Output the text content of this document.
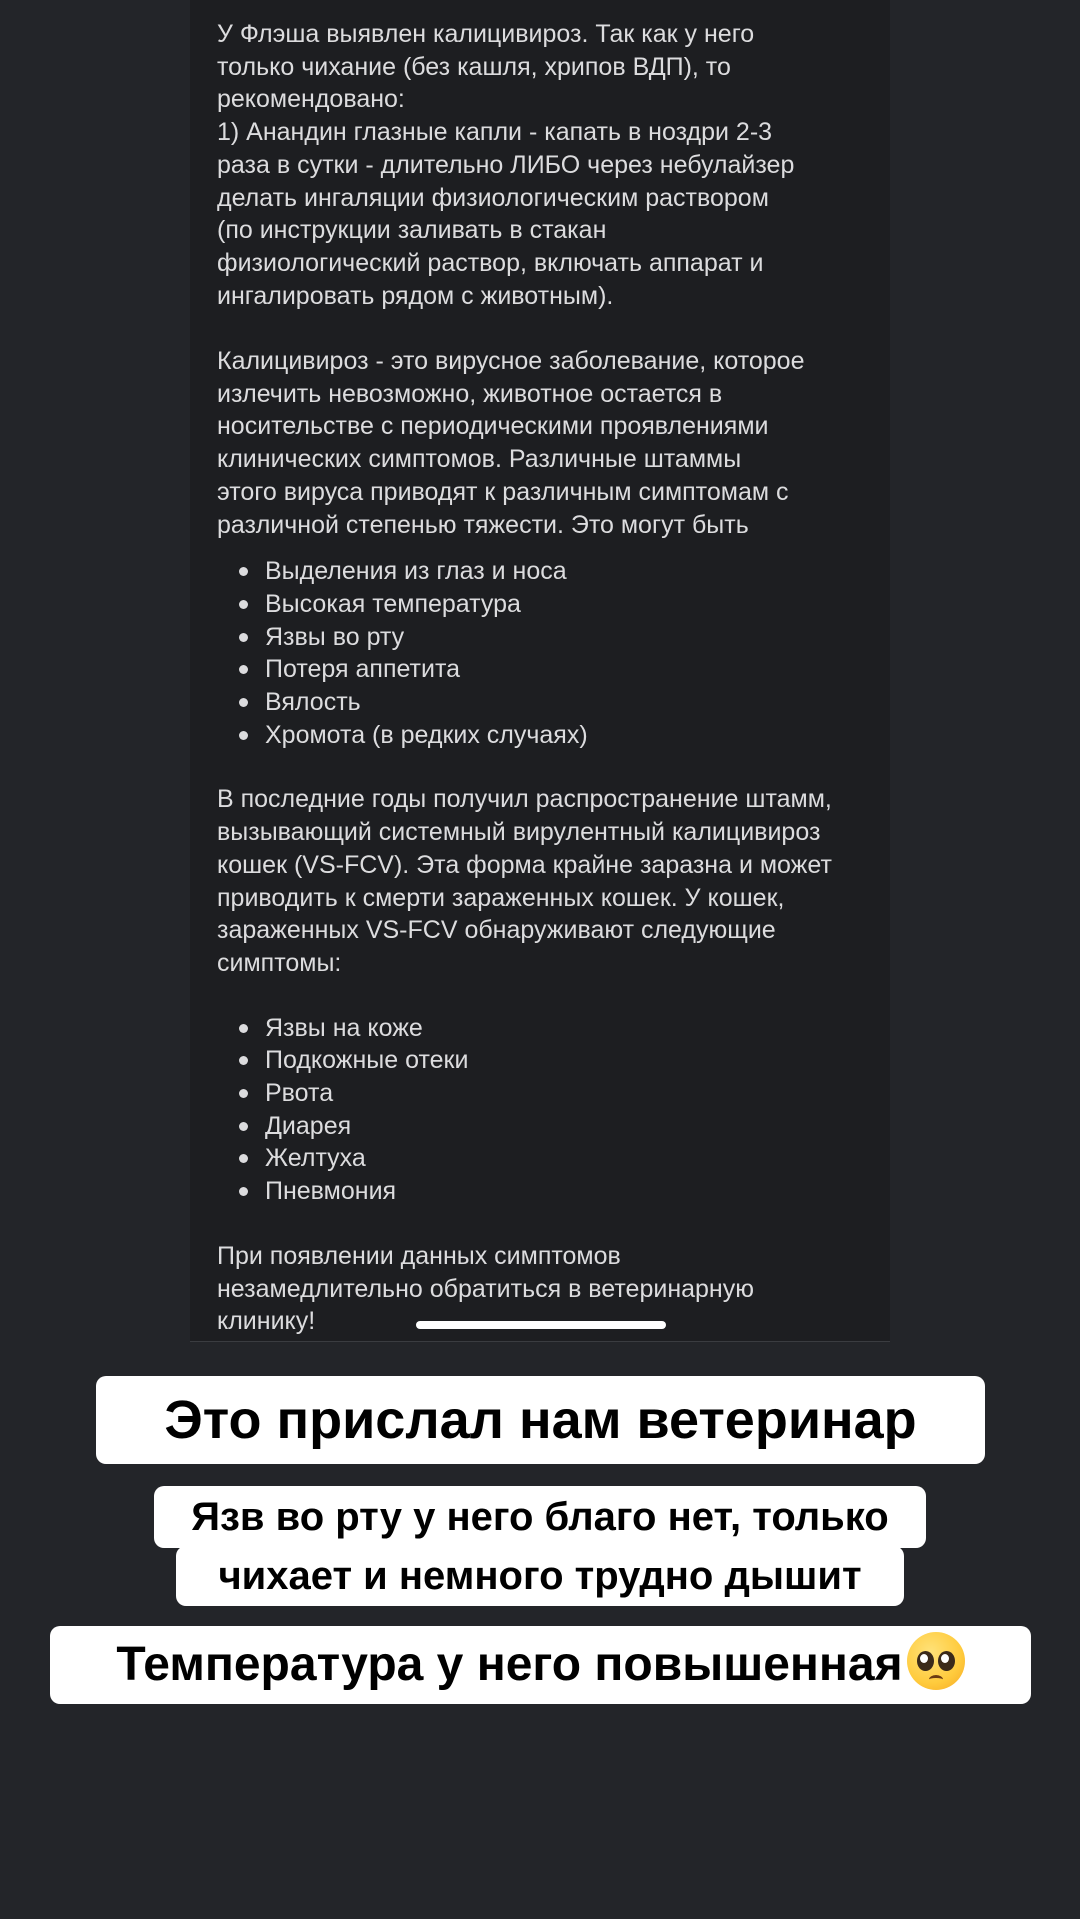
У Флэша выявлен калицивироз. Так как у него
только чихание (без кашля, хрипов ВДП), то
рекомендовано:
1) Анандин глазные капли - капать в ноздри 2-3
раза в сутки - длительно ЛИБО через небулайзер
делать ингаляции физиологическим раствором
(по инструкции заливать в стакан
физиологический раствор, включать аппарат и
ингалировать рядом с животным).

Калицивироз - это вирусное заболевание, которое
излечить невозможно, животное остается в
носительстве с периодическими проявлениями
клинических симптомов. Различные штаммы
этого вируса приводят к различным симптомам с
различной степенью тяжести. Это могут быть

Выделения из глаз и носа
Высокая температура
Язвы во рту
Потеря аппетита
Вялость
Хромота (в редких случаях)

В последние годы получил распространение штамм,
вызывающий системный вирулентный калицивироз
кошек (VS-FCV). Эта форма крайне заразна и может
приводить к смерти зараженных кошек. У кошек,
зараженных VS-FCV обнаруживают следующие
симптомы:

Язвы на коже
Подкожные отеки
Рвота
Диарея
Желтуха
Пневмония

При появлении данных симптомов
незамедлительно обратиться в ветеринарную
клинику!

Это прислал нам ветеринар
Язв во рту у него благо нет, только
чихает и немного трудно дышит
Температура у него повышенная
